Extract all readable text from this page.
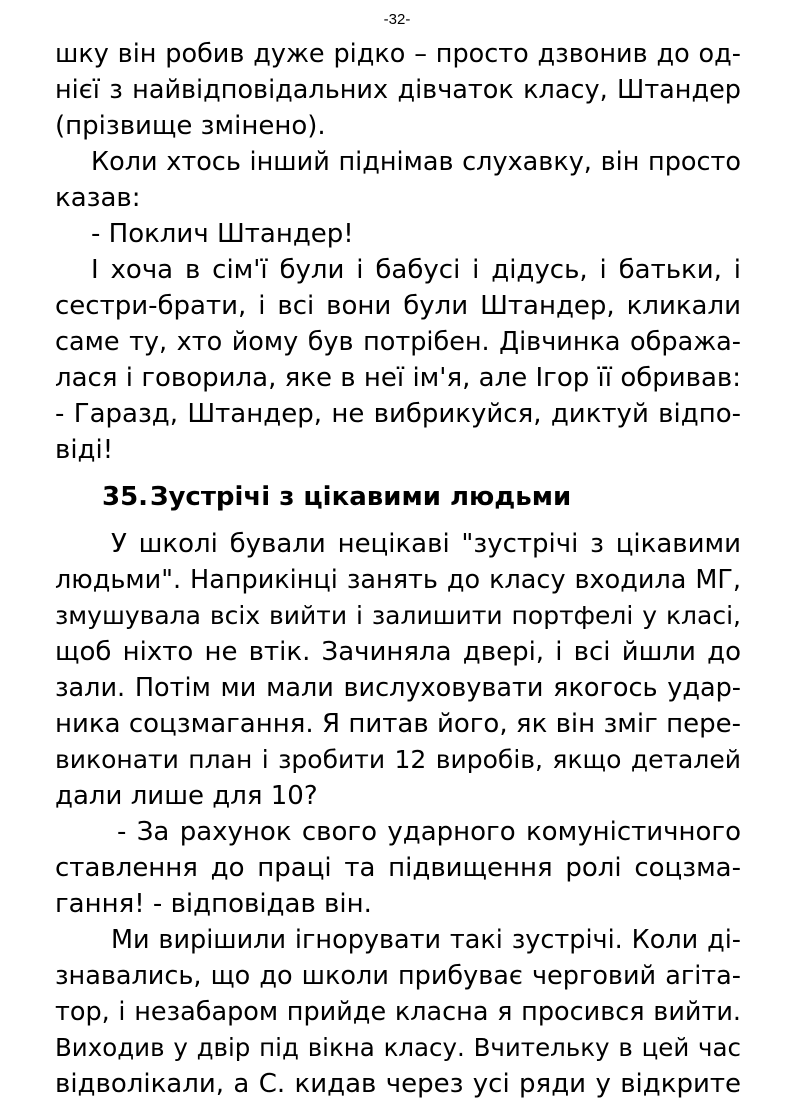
-32-
шку він робив дуже рідко – просто дзвонив до од-
нієї з найвідповідальних дівчаток класу, Штандер
(прізвище змінено).
Коли хтось інший піднімав слухавку, він просто
казав:
- Поклич Штандер!
І хоча в сім'ї були і бабусі і дідусь, і батьки, і
сестри-брати, і всі вони були Штандер, кликали
саме ту, хто йому був потрібен. Дівчинка обража-
лася і говорила, яке в неї ім'я, але Ігор її обривав:
- Гаразд, Штандер, не вибрикуйся, диктуй відпо-
віді!
35.Зустрічі з цікавими людьми
У школі бували нецікаві "зустрічі з цікавими
людьми". Наприкінці занять до класу входила МГ,
змушувала всіх вийти і залишити портфелі у класі,
щоб ніхто не втік. Зачиняла двері, і всі йшли до
зали. Потім ми мали вислуховувати якогось удар-
ника соцзмагання. Я питав його, як він зміг пере-
виконати план і зробити 12 виробів, якщо деталей
дали лише для 10?
- За рахунок свого ударного комуністичного
ставлення до праці та підвищення ролі соцзма-
гання! - відповідав він.
Ми вирішили ігнорувати такі зустрічі. Коли ді-
знавались, що до школи прибуває черговий агіта-
тор, і незабаром прийде класна я просився вийти.
Виходив у двір під вікна класу. Вчительку в цей час
відволікали, а С. кидав через усі ряди у відкрите
